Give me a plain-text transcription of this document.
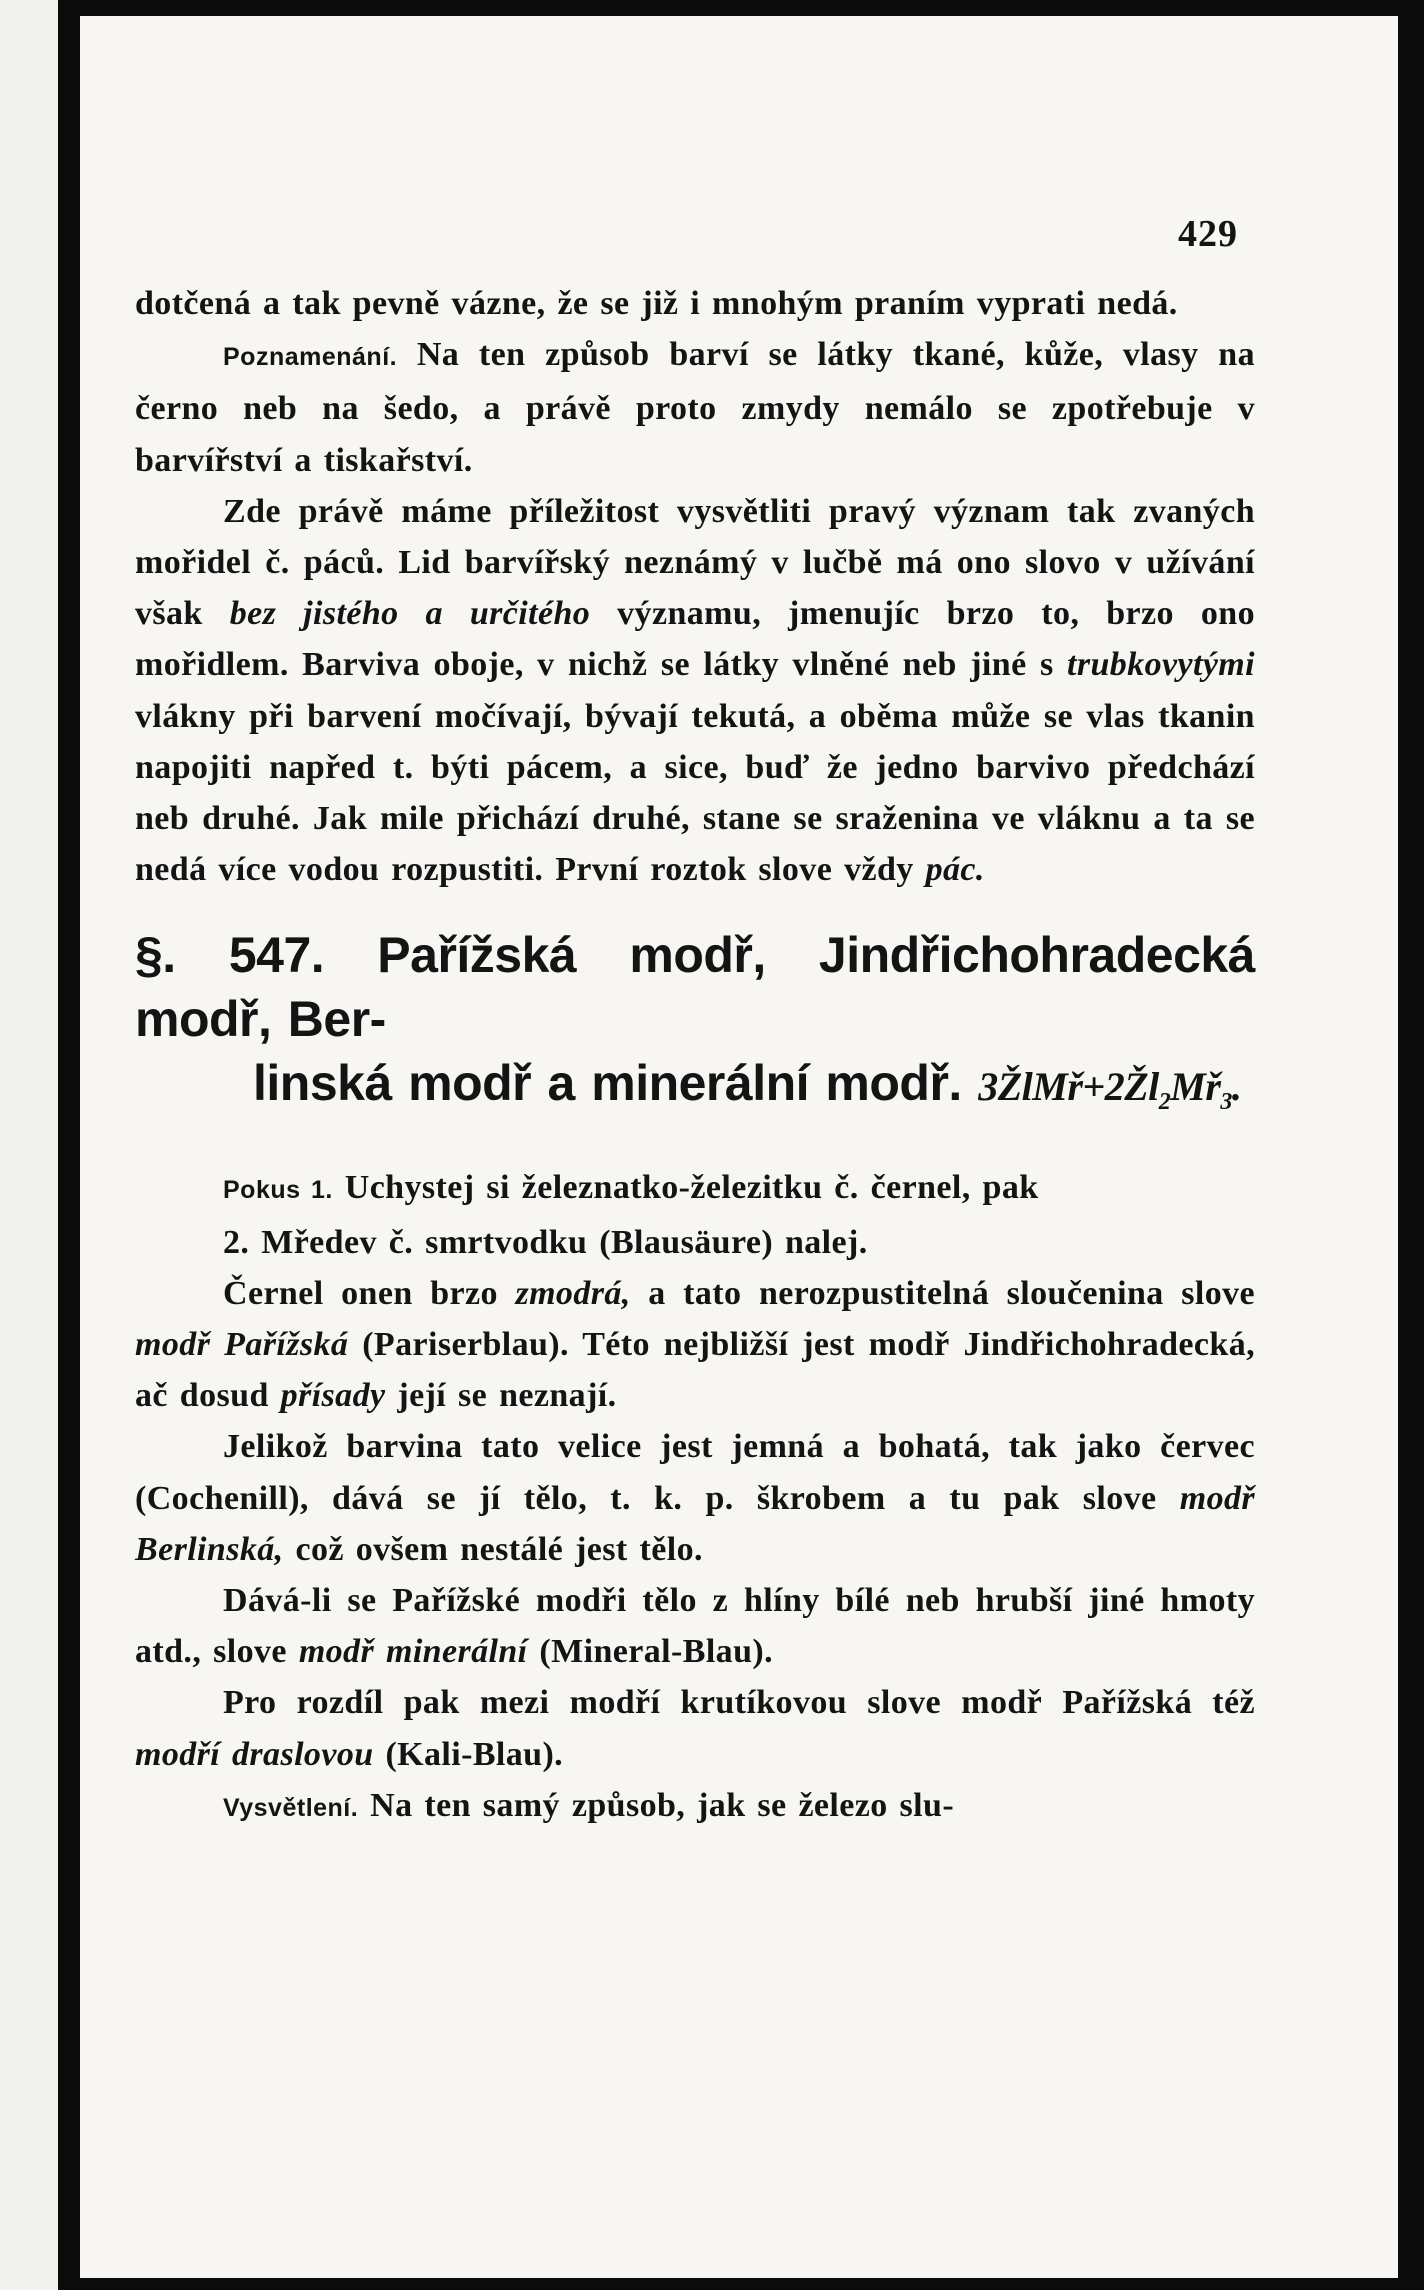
429

dotčená a tak pevně vázne, že se již i mnohým praním vyprati nedá.

Poznamenání. Na ten způsob barví se látky tkané, kůže, vlasy na černo neb na šedo, a právě proto zmydy nemálo se zpotřebuje v barvířství a tiskařství.

Zde právě máme příležitost vysvětliti pravý význam tak zvaných mořidel č. páců. Lid barvířský neznámý v lučbě má ono slovo v užívání však bez jistého a určitého významu, jmenujíc brzo to, brzo ono mořidlem. Barviva oboje, v nichž se látky vlněné neb jiné s trubkovytými vlákny při barvení močívají, bývají tekutá, a oběma může se vlas tkanin napojiti napřed t. býti pácem, a sice, buď že jedno barvivo předchází neb druhé. Jak mile přichází druhé, stane se sraženina ve vláknu a ta se nedá více vodou rozpustiti. První roztok slove vždy pác.

§. 547. Pařížská modř, Jindřichohradecká modř, Ber-
linská modř a minerální modř. $3ŽlMř+2Žl_2Mř_3$.

Pokus 1. Uchystej si železnatko-železitku č. černel, pak

2. Mředev č. smrtvodku (Blausäure) nalej.

Černel onen brzo zmodrá, a tato nerozpustitelná sloučenina slove modř Pařížská (Pariserblau). Této nejbližší jest modř Jindřichohradecká, ač dosud přísady její se neznají.

Jelikož barvina tato velice jest jemná a bohatá, tak jako červec (Cochenill), dává se jí tělo, t. k. p. škrobem a tu pak slove modř Berlinská, což ovšem nestálé jest tělo.

Dává-li se Pařížské modři tělo z hlíny bílé neb hrubší jiné hmoty atd., slove modř minerální (Mineral-Blau).

Pro rozdíl pak mezi modří krutíkovou slove modř Pařížská též modří draslovou (Kali-Blau).

Vysvětlení. Na ten samý způsob, jak se železo slu-
